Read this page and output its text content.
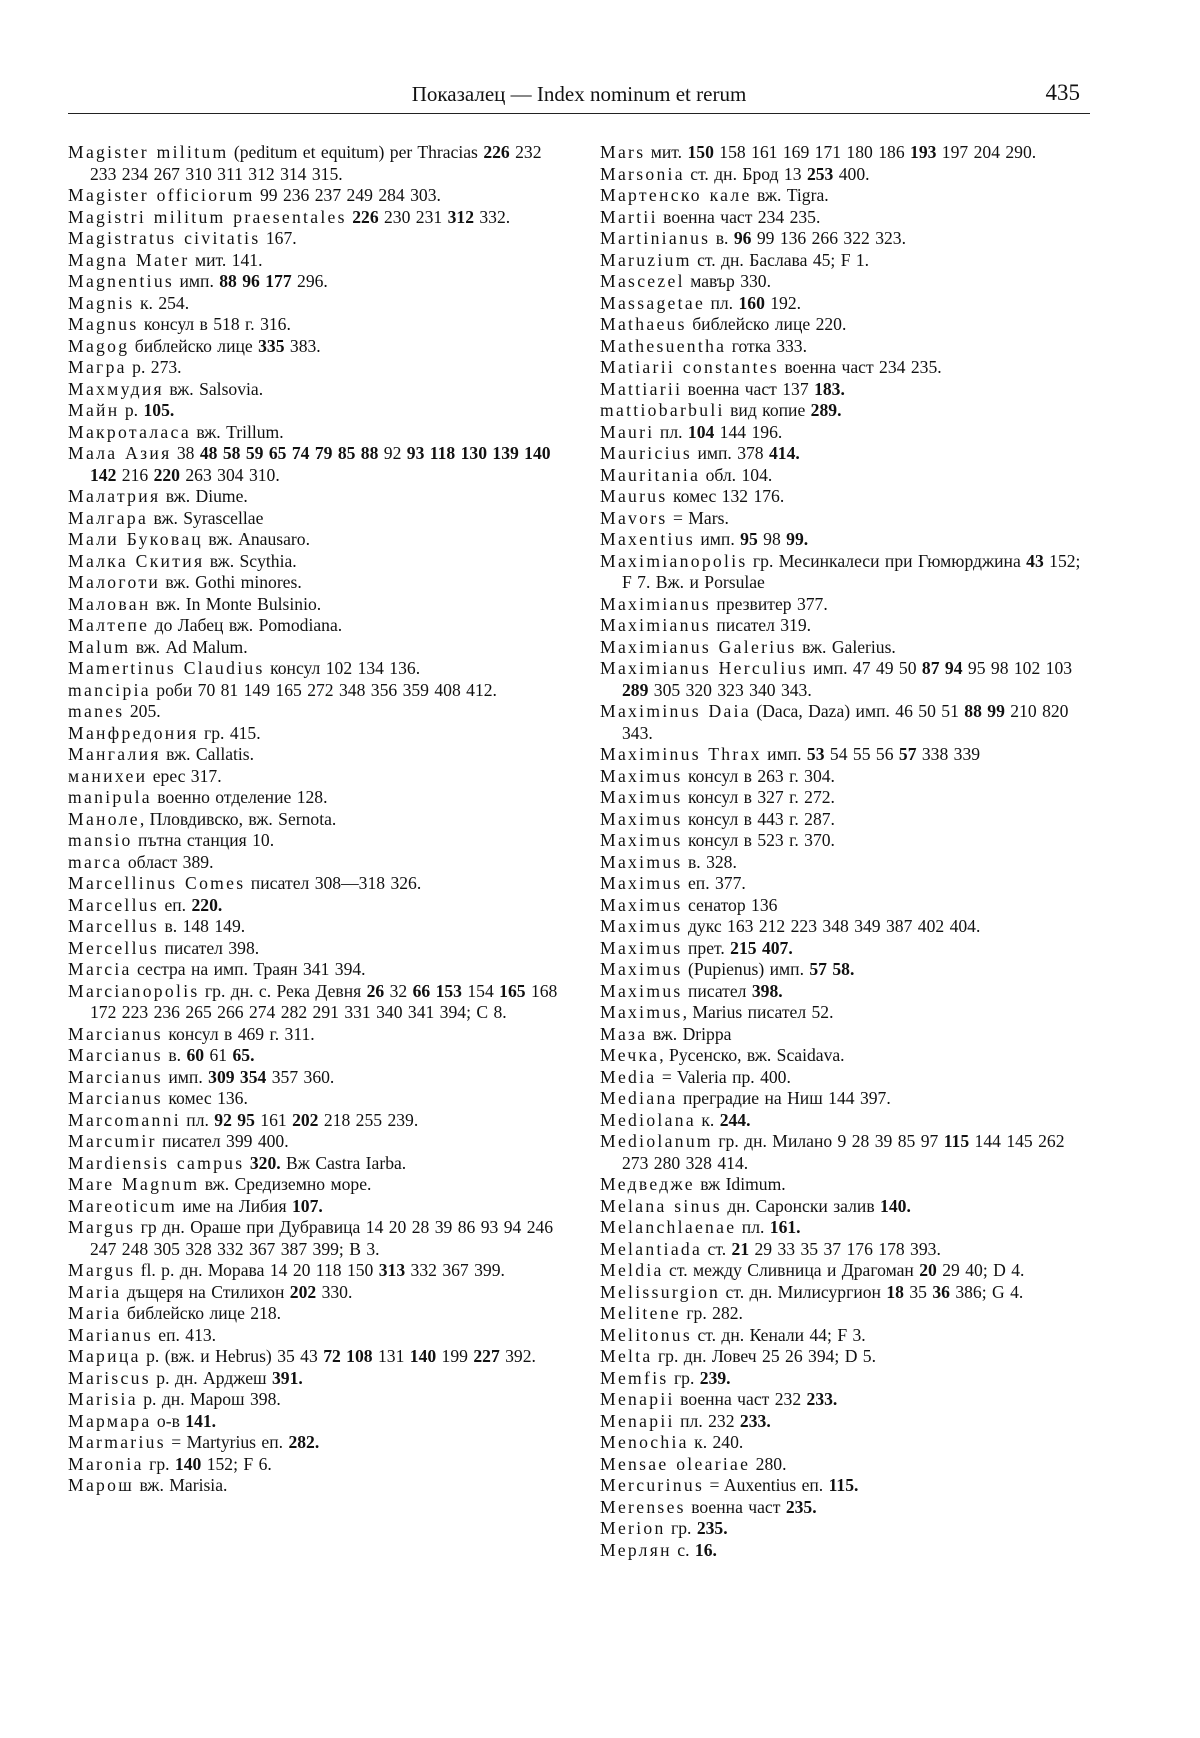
Показалец — Index nominum et rerum	435
Magister militum (peditum et equitum) per Thracias 226 232 233 234 267 310 311 312 314 315.
Magister officiorum 99 236 237 249 284 303.
Magistri militum praesentales 226 230 231 312 332.
Magistratus civitatis 167.
Magna Mater мит. 141.
Magnentius имп. 88 96 177 296.
Magnis к. 254.
Magnus консул в 518 г. 316.
Magog библейско лице 335 383.
Магра р. 273.
Махмудия вж. Salsovia.
Майн р. 105.
Макроталаса вж. Trillum.
Мала Азия 38 48 58 59 65 74 79 85 88 92 93 118 130 139 140 142 216 220 263 304 310.
Малатрия вж. Diume.
Малгара вж. Syrascellae
Мали Буковац вж. Anausaro.
Малка Скития вж. Scythia.
Малоготи вж. Gothi minores.
Малован вж. In Monte Bulsinio.
Малтепе до Лабец вж. Pomodiana.
Malum вж. Ad Malum.
Mamertinus Claudius консул 102 134 136.
mancipia роби 70 81 149 165 272 348 356 359 408 412.
manes 205.
Манфредония гр. 415.
Мангалия вж. Callatis.
манихеи ерес 317.
manipula военно отделение 128.
Маноле, Пловдивско, вж. Sernota.
mansio пътна станция 10.
marca област 389.
Marcellinus Comes писател 308—318 326.
Marcellus еп. 220.
Marcellus в. 148 149.
Mercellus писател 398.
Marcia сестра на имп. Траян 341 394.
Marcianopolis гр. дн. с. Река Девня 26 32 66 153 154 165 168 172 223 236 265 266 274 282 291 331 340 341 394; C 8.
Marcianus консул в 469 г. 311.
Marcianus в. 60 61 65.
Marcianus имп. 309 354 357 360.
Marcianus комес 136.
Marcomanni пл. 92 95 161 202 218 255 239.
Marcumir писател 399 400.
Mardiensis campus 320. Вж Castra Iarba.
Mare Magnum вж. Средиземно море.
Mareoticum име на Либия 107.
Margus гр дн. Ораше при Дубравица 14 20 28 39 86 93 94 246 247 248 305 328 332 367 387 399; B 3.
Margus fl. р. дн. Морава 14 20 118 150 313 332 367 399.
Maria дъщеря на Стилихон 202 330.
Maria библейско лице 218.
Marianus еп. 413.
Марица р. (вж. и Hebrus) 35 43 72 108 131 140 199 227 392.
Mariscus р. дн. Арджеш 391.
Marisia р. дн. Марош 398.
Мармара о-в 141.
Marmarius = Martyrius еп. 282.
Maronia гр. 140 152; F 6.
Марош вж. Marisia.
Mars мит. 150 158 161 169 171 180 186 193 197 204 290.
Marsonia ст. дн. Брод 13 253 400.
Мартенско кале вж. Tigra.
Martii военна част 234 235.
Martinianus в. 96 99 136 266 322 323.
Maruzium ст. дн. Баслава 45; F 1.
Mascezel мавър 330.
Massagetae пл. 160 192.
Mathaeus библейско лице 220.
Mathesuentha готка 333.
Matiarii constantes военна част 234 235.
Mattiarii военна част 137 183.
mattiobarbuli вид копие 289.
Mauri пл. 104 144 196.
Mauricius имп. 378 414.
Mauritania обл. 104.
Maurus комес 132 176.
Mavors = Mars.
Maxentius имп. 95 98 99.
Maximianopolis гр. Месинкалеси при Гюмюрджина 43 152; F 7. Вж. и Porsulae
Maximianus презвитер 377.
Maximianus писател 319.
Maximianus Galerius вж. Galerius.
Maximianus Herculius имп. 47 49 50 87 94 95 98 102 103 289 305 320 323 340 343.
Maximinus Daia (Daca, Daza) имп. 46 50 51 88 99 210 820 343.
Maximinus Thrax имп. 53 54 55 56 57 338 339
Maximus консул в 263 г. 304.
Maximus консул в 327 г. 272.
Maximus консул в 443 г. 287.
Maximus консул в 523 г. 370.
Maximus в. 328.
Maximus еп. 377.
Maximus сенатор 136
Maximus дукс 163 212 223 348 349 387 402 404.
Maximus прет. 215 407.
Maximus (Pupienus) имп. 57 58.
Maximus писател 398.
Maximus, Marius писател 52.
Маза вж. Drippa
Мечка, Русенско, вж. Scaidava.
Media = Valeria пр. 400.
Mediana преградие на Ниш 144 397.
Mediolana к. 244.
Mediolanum гр. дн. Милано 9 28 39 85 97 115 144 145 262 273 280 328 414.
Медведже вж Idimum.
Melana sinus дн. Саронски залив 140.
Melanchlaenae пл. 161.
Melantiada ст. 21 29 33 35 37 176 178 393.
Meldia ст. между Сливница и Драгоман 20 29 40; D 4.
Melissurgion ст. дн. Милисургион 18 35 36 386; G 4.
Melitene гр. 282.
Melitonus ст. дн. Кенали 44; F 3.
Melta гр. дн. Ловеч 25 26 394; D 5.
Memfis гр. 239.
Menapii военна част 232 233.
Menapii пл. 232 233.
Menochia к. 240.
Mensae oleariae 280.
Mercurinus = Auxentius еп. 115.
Merenses военна част 235.
Merion гр. 235.
Мерлян с. 16.
